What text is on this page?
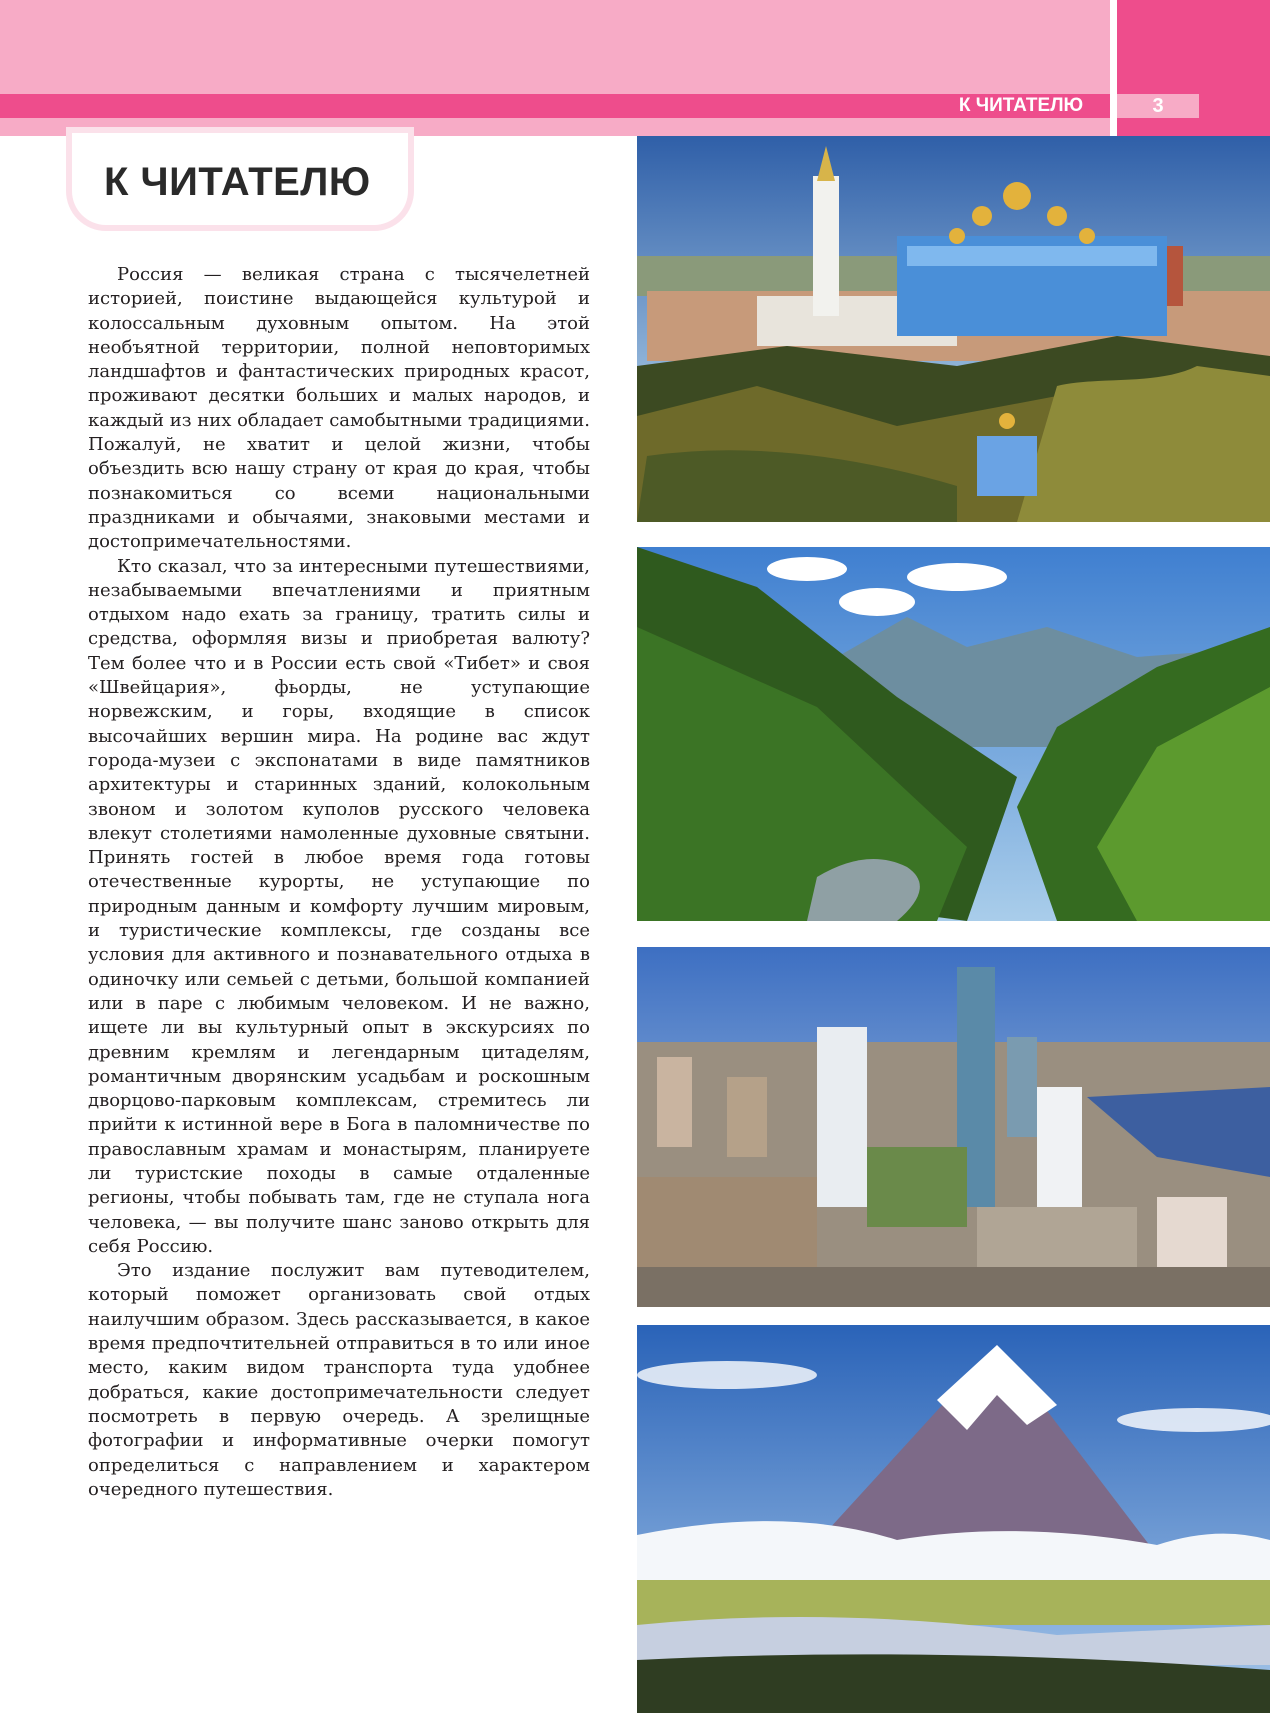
К ЧИТАТЕЛЮ	3
К ЧИТАТЕЛЮ

Россия — великая страна с тысячелетней историей, поистине выдающейся культурой и колоссальным духовным опытом. На этой необъятной территории, полной неповторимых ландшафтов и фантастических природных красот, проживают десятки больших и малых народов, и каждый из них обладает самобытными традициями. Пожалуй, не хватит и целой жизни, чтобы объездить всю нашу страну от края до края, чтобы познакомиться со всеми национальными праздниками и обычаями, знаковыми местами и достопримечательностями.

Кто сказал, что за интересными путешествиями, незабываемыми впечатлениями и приятным отдыхом надо ехать за границу, тратить силы и средства, оформляя визы и приобретая валюту? Тем более что и в России есть свой «Тибет» и своя «Швейцария», фьорды, не уступающие норвежским, и горы, входящие в список высочайших вершин мира. На родине вас ждут города-музеи с экспонатами в виде памятников архитектуры и старинных зданий, колокольным звоном и золотом куполов русского человека влекут столетиями намоленные духовные святыни. Принять гостей в любое время года готовы отечественные курорты, не уступающие по природным данным и комфорту лучшим мировым, и туристические комплексы, где созданы все условия для активного и познавательного отдыха в одиночку или семьей с детьми, большой компанией или в паре с любимым человеком. И не важно, ищете ли вы культурный опыт в экскурсиях по древним кремлям и легендарным цитаделям, романтичным дворянским усадьбам и роскошным дворцово-парковым комплексам, стремитесь ли прийти к истинной вере в Бога в паломничестве по православным храмам и монастырям, планируете ли туристские походы в самые отдаленные регионы, чтобы побывать там, где не ступала нога человека, — вы получите шанс заново открыть для себя Россию.

Это издание послужит вам путеводителем, который поможет организовать свой отдых наилучшим образом. Здесь рассказывается, в какое время предпочтительней отправиться в то или иное место, каким видом транспорта туда удобнее добраться, какие достопримечательности следует посмотреть в первую очередь. А зрелищные фотографии и информативные очерки помогут определиться с направлением и характером очередного путешествия.
